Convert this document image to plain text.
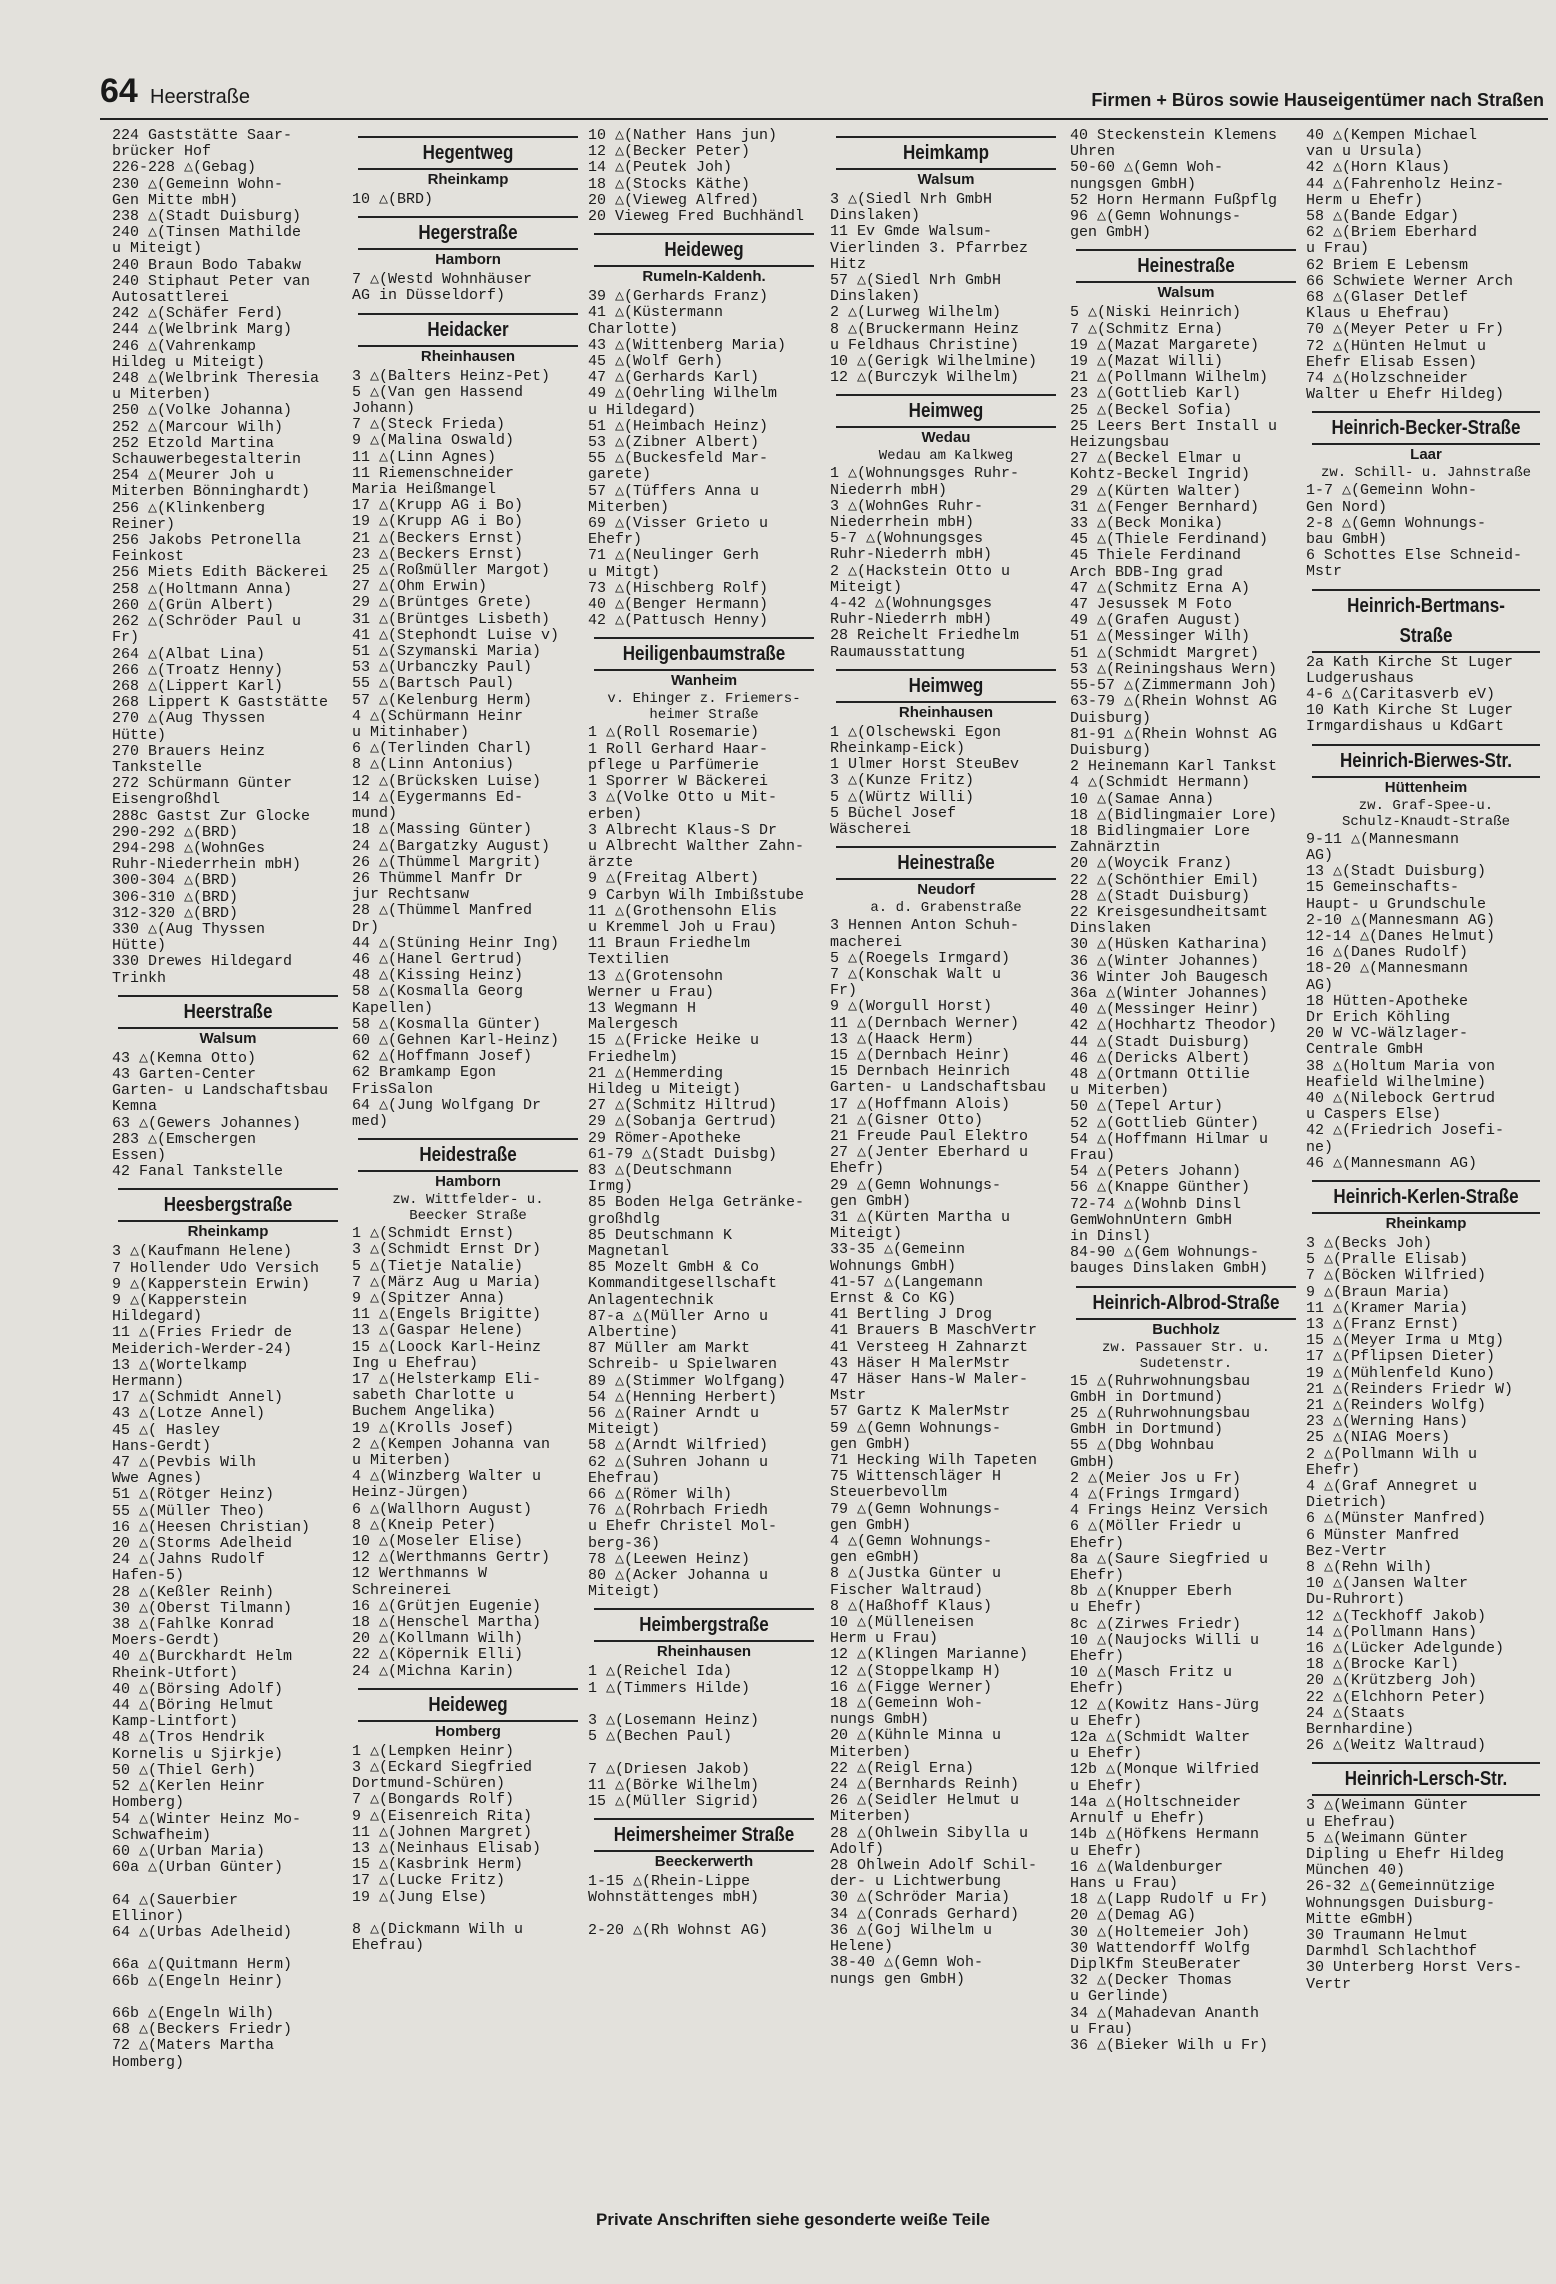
64 Heerstraße	Firmen + Büros sowie Hauseigentümer nach Straßen
224 Gaststätte Saar-
brücker Hof
226-228 △(Gebag)
230 △(Gemeinn Wohn-
Gen Mitte mbH)
238 △(Stadt Duisburg)
240 △(Tinsen Mathilde
u Miteigt)
240 Braun Bodo Tabakw
240 Stiphaut Peter van
Autosattlerei
242 △(Schäfer Ferd)
244 △(Welbrink Marg)
246 △(Vahrenkamp
Hildeg u Miteigt)
248 △(Welbrink Theresia
u Miterben)
250 △(Volke Johanna)
252 △(Marcour Wilh)
252 Etzold Martina
Schauwerbegestalterin
254 △(Meurer Joh u
Miterben Bönninghardt)
256 △(Klinkenberg
Reiner)
256 Jakobs Petronella
Feinkost
256 Miets Edith Bäckerei
258 △(Holtmann Anna)
260 △(Grün Albert)
262 △(Schröder Paul u
Fr)
264 △(Albat Lina)
266 △(Troatz Henny)
268 △(Lippert Karl)
268 Lippert K Gaststätte
270 △(Aug Thyssen
Hütte)
270 Brauers Heinz
Tankstelle
272 Schürmann Günter
Eisengroßhdl
288c Gastst Zur Glocke
290-292 △(BRD)
294-298 △(WohnGes
Ruhr-Niederrhein mbH)
300-304 △(BRD)
306-310 △(BRD)
312-320 △(BRD)
330 △(Aug Thyssen
Hütte)
330 Drewes Hildegard
Trinkh
Heerstraße
Walsum
43 △(Kemna Otto)
43 Garten-Center
Garten- u Landschaftsbau
Kemna
63 △(Gewers Johannes)
283 △(Emschergen
Essen)
42 Fanal Tankstelle
Heesbergstraße
Rheinkamp
3 △(Kaufmann Helene)
7 Hollender Udo Versich
9 △(Kapperstein Erwin)
9 △(Kapperstein
Hildegard)
11 △(Fries Friedr de
Meiderich-Werder-24)
13 △(Wortelkamp
Hermann)
17 △(Schmidt Annel)
43 △(Lotze Annel)
45 △( Hasley
Hans-Gerdt)
47 △(Pevbis Wilh
Wwe Agnes)
51 △(Rötger Heinz)
55 △(Müller Theo)
16 △(Heesen Christian)
20 △(Storms Adelheid
24 △(Jahns Rudolf
Hafen-5)
28 △(Keßler Reinh)
30 △(Oberst Tilmann)
38 △(Fahlke Konrad
Moers-Gerdt)
40 △(Burckhardt Helm
Rheink-Utfort)
40 △(Börsing Adolf)
44 △(Böring Helmut
Kamp-Lintfort)
48 △(Tros Hendrik
Kornelis u Sjirkje)
50 △(Thiel Gerh)
52 △(Kerlen Heinr
Homberg)
54 △(Winter Heinz Mo-
Schwafheim)
60 △(Urban Maria)
60a △(Urban Günter)

64 △(Sauerbier
Ellinor)
64 △(Urbas Adelheid)

66a △(Quitmann Herm)
66b △(Engeln Heinr)

66b △(Engeln Wilh)
68 △(Beckers Friedr)
72 △(Maters Martha
Homberg)
Hegentweg
Rheinkamp
10 △(BRD)
Hegerstraße
Hamborn
7 △(Westd Wohnhäuser
AG in Düsseldorf)
Heidacker
Rheinhausen
3 △(Balters Heinz-Pet)
5 △(Van gen Hassend
Johann)
7 △(Steck Frieda)
9 △(Malina Oswald)
11 △(Linn Agnes)
11 Riemenschneider
Maria Heißmangel
17 △(Krupp AG i Bo)
19 △(Krupp AG i Bo)
21 △(Beckers Ernst)
23 △(Beckers Ernst)
25 △(Roßmüller Margot)
27 △(Ohm Erwin)
29 △(Brüntges Grete)
31 △(Brüntges Lisbeth)
41 △(Stephondt Luise v)
51 △(Szymanski Maria)
53 △(Urbanczky Paul)
55 △(Bartsch Paul)
57 △(Kelenburg Herm)
4 △(Schürmann Heinr
u Mitinhaber)
6 △(Terlinden Charl)
8 △(Linn Antonius)
12 △(Brücksken Luise)
14 △(Eygermanns Ed-
mund)
18 △(Massing Günter)
24 △(Bargatzky August)
26 △(Thümmel Margrit)
26 Thümmel Manfr Dr
jur Rechtsanw
28 △(Thümmel Manfred
Dr)
44 △(Stüning Heinr Ing)
46 △(Hanel Gertrud)
48 △(Kissing Heinz)
58 △(Kosmalla Georg
Kapellen)
58 △(Kosmalla Günter)
60 △(Gehnen Karl-Heinz)
62 △(Hoffmann Josef)
62 Bramkamp Egon
FrisSalon
64 △(Jung Wolfgang Dr
med)
Heidestraße
Hamborn
zw. Wittfelder- u.
Beecker Straße
1 △(Schmidt Ernst)
3 △(Schmidt Ernst Dr)
5 △(Tietje Natalie)
7 △(März Aug u Maria)
9 △(Spitzer Anna)
11 △(Engels Brigitte)
13 △(Gaspar Helene)
15 △(Loock Karl-Heinz
Ing u Ehefrau)
17 △(Helsterkamp Eli-
sabeth Charlotte u
Buchem Angelika)
19 △(Krolls Josef)
2 △(Kempen Johanna van
u Miterben)
4 △(Winzberg Walter u
Heinz-Jürgen)
6 △(Wallhorn August)
8 △(Kneip Peter)
10 △(Moseler Elise)
12 △(Werthmanns Gertr)
12 Werthmanns W
Schreinerei
16 △(Grütjen Eugenie)
18 △(Henschel Martha)
20 △(Kollmann Wilh)
22 △(Köpernik Elli)
24 △(Michna Karin)
Heideweg
Homberg
1 △(Lempken Heinr)
3 △(Eckard Siegfried
Dortmund-Schüren)
7 △(Bongards Rolf)
9 △(Eisenreich Rita)
11 △(Johnen Margret)
13 △(Neinhaus Elisab)
15 △(Kasbrink Herm)
17 △(Lucke Fritz)
19 △(Jung Else)

8 △(Dickmann Wilh u
Ehefrau)
10 △(Nather Hans jun)
12 △(Becker Peter)
14 △(Peutek Joh)
18 △(Stocks Käthe)
20 △(Vieweg Alfred)
20 Vieweg Fred Buchhändl
Heideweg
Rumeln-Kaldenh.
39 △(Gerhards Franz)
41 △(Küstermann
Charlotte)
43 △(Wittenberg Maria)
45 △(Wolf Gerh)
47 △(Gerhards Karl)
49 △(Oehrling Wilhelm
u Hildegard)
51 △(Heimbach Heinz)
53 △(Zibner Albert)
55 △(Buckesfeld Mar-
garete)
57 △(Tüffers Anna u
Miterben)
69 △(Visser Grieto u
Ehefr)
71 △(Neulinger Gerh
u Mitgt)
73 △(Hischberg Rolf)
40 △(Benger Hermann)
42 △(Pattusch Henny)
Heiligenbaumstraße
Wanheim
v. Ehinger z. Friemers-
heimer Straße
1 △(Roll Rosemarie)
1 Roll Gerhard Haar-
pflege u Parfümerie
1 Sporrer W Bäckerei
3 △(Volke Otto u Mit-
erben)
3 Albrecht Klaus-S Dr
u Albrecht Walther Zahn-
ärzte
9 △(Freitag Albert)
9 Carbyn Wilh Imbißstube
11 △(Grothensohn Elis
u Kremmel Joh u Frau)
11 Braun Friedhelm
Textilien
13 △(Grotensohn
Werner u Frau)
13 Wegmann H
Malergesch
15 △(Fricke Heike u
Friedhelm)
21 △(Hemmerding
Hildeg u Miteigt)
27 △(Schmitz Hiltrud)
29 △(Sobanja Gertrud)
29 Römer-Apotheke
61-79 △(Stadt Duisbg)
83 △(Deutschmann
Irmg)
85 Boden Helga Getränke-
großhdlg
85 Deutschmann K
Magnetanl
85 Mozelt GmbH & Co
Kommanditgesellschaft
Anlagentechnik
87-a △(Müller Arno u
Albertine)
87 Müller am Markt
Schreib- u Spielwaren
89 △(Stimmer Wolfgang)
54 △(Henning Herbert)
56 △(Rainer Arndt u
Miteigt)
58 △(Arndt Wilfried)
62 △(Suhren Johann u
Ehefrau)
66 △(Römer Wilh)
76 △(Rohrbach Friedh
u Ehefr Christel Mol-
berg-36)
78 △(Leewen Heinz)
80 △(Acker Johanna u
Miteigt)
Heimbergstraße
Rheinhausen
1 △(Reichel Ida)
1 △(Timmers Hilde)

3 △(Losemann Heinz)
5 △(Bechen Paul)

7 △(Driesen Jakob)
11 △(Börke Wilhelm)
15 △(Müller Sigrid)
Heimersheimer Straße
Beeckerwerth
1-15 △(Rhein-Lippe
Wohnstättenges mbH)

2-20 △(Rh Wohnst AG)
Heimkamp
Walsum
3 △(Siedl Nrh GmbH
Dinslaken)
11 Ev Gmde Walsum-
Vierlinden 3. Pfarrbez
Hitz
57 △(Siedl Nrh GmbH
Dinslaken)
2 △(Lurweg Wilhelm)
8 △(Bruckermann Heinz
u Feldhaus Christine)
10 △(Gerigk Wilhelmine)
12 △(Burczyk Wilhelm)
Heimweg
Wedau
Wedau am Kalkweg
1 △(Wohnungsges Ruhr-
Niederrh mbH)
3 △(WohnGes Ruhr-
Niederrhein mbH)
5-7 △(Wohnungsges
Ruhr-Niederrh mbH)
2 △(Hackstein Otto u
Miteigt)
4-42 △(Wohnungsges
Ruhr-Niederrh mbH)
28 Reichelt Friedhelm
Raumausstattung
Heimweg
Rheinhausen
1 △(Olschewski Egon
Rheinkamp-Eick)
1 Ulmer Horst SteuBev
3 △(Kunze Fritz)
5 △(Würtz Willi)
5 Büchel Josef
Wäscherei
Heinestraße
Neudorf
a. d. Grabenstraße
3 Hennen Anton Schuh-
macherei
5 △(Roegels Irmgard)
7 △(Konschak Walt u
Fr)
9 △(Worgull Horst)
11 △(Dernbach Werner)
13 △(Haack Herm)
15 △(Dernbach Heinr)
15 Dernbach Heinrich
Garten- u Landschaftsbau
17 △(Hoffmann Alois)
21 △(Gisner Otto)
21 Freude Paul Elektro
27 △(Jenter Eberhard u
Ehefr)
29 △(Gemn Wohnungs-
gen GmbH)
31 △(Kürten Martha u
Miteigt)
33-35 △(Gemeinn
Wohnungs GmbH)
41-57 △(Langemann
Ernst & Co KG)
41 Bertling J Drog
41 Brauers B MaschVertr
41 Versteeg H Zahnarzt
43 Häser H MalerMstr
47 Häser Hans-W Maler-
Mstr
57 Gartz K MalerMstr
59 △(Gemn Wohnungs-
gen GmbH)
71 Hecking Wilh Tapeten
75 Wittenschläger H
Steuerbevollm
79 △(Gemn Wohnungs-
gen GmbH)
4 △(Gemn Wohnungs-
gen eGmbH)
8 △(Justka Günter u
Fischer Waltraud)
8 △(Haßhoff Klaus)
10 △(Mülleneisen
Herm u Frau)
12 △(Klingen Marianne)
12 △(Stoppelkamp H)
16 △(Figge Werner)
18 △(Gemeinn Woh-
nungs GmbH)
20 △(Kühnle Minna u
Miterben)
22 △(Reigl Erna)
24 △(Bernhards Reinh)
26 △(Seidler Helmut u
Miterben)
28 △(Ohlwein Sibylla u
Adolf)
28 Ohlwein Adolf Schil-
der- u Lichtwerbung
30 △(Schröder Maria)
34 △(Conrads Gerhard)
36 △(Goj Wilhelm u
Helene)
38-40 △(Gemn Woh-
nungs gen GmbH)
40 Steckenstein Klemens
Uhren
50-60 △(Gemn Woh-
nungsgen GmbH)
52 Horn Hermann Fußpflg
96 △(Gemn Wohnungs-
gen GmbH)
Heinestraße
Walsum
5 △(Niski Heinrich)
7 △(Schmitz Erna)
19 △(Mazat Margarete)
19 △(Mazat Willi)
21 △(Pollmann Wilhelm)
23 △(Gottlieb Karl)
25 △(Beckel Sofia)
25 Leers Bert Install u
Heizungsbau
27 △(Beckel Elmar u
Kohtz-Beckel Ingrid)
29 △(Kürten Walter)
31 △(Fenger Bernhard)
33 △(Beck Monika)
45 △(Thiele Ferdinand)
45 Thiele Ferdinand
Arch BDB-Ing grad
47 △(Schmitz Erna A)
47 Jesussek M Foto
49 △(Grafen August)
51 △(Messinger Wilh)
51 △(Schmidt Margret)
53 △(Reiningshaus Wern)
55-57 △(Zimmermann Joh)
63-79 △(Rhein Wohnst AG
Duisburg)
81-91 △(Rhein Wohnst AG
Duisburg)
2 Heinemann Karl Tankst
4 △(Schmidt Hermann)
10 △(Samae Anna)
18 △(Bidlingmaier Lore)
18 Bidlingmaier Lore
Zahnärztin
20 △(Woycik Franz)
22 △(Schönthier Emil)
28 △(Stadt Duisburg)
22 Kreisgesundheitsamt
Dinslaken
30 △(Hüsken Katharina)
36 △(Winter Johannes)
36 Winter Joh Baugesch
36a △(Winter Johannes)
40 △(Messinger Heinr)
42 △(Hochhartz Theodor)
44 △(Stadt Duisburg)
46 △(Dericks Albert)
48 △(Ortmann Ottilie
u Miterben)
50 △(Tepel Artur)
52 △(Gottlieb Günter)
54 △(Hoffmann Hilmar u
Frau)
54 △(Peters Johann)
56 △(Knappe Günther)
72-74 △(Wohnb Dinsl
GemWohnUntern GmbH
in Dinsl)
84-90 △(Gem Wohnungs-
bauges Dinslaken GmbH)
Heinrich-Albrod-Straße
Buchholz
zw. Passauer Str. u.
Sudetenstr.
15 △(Ruhrwohnungsbau
GmbH in Dortmund)
25 △(Ruhrwohnungsbau
GmbH in Dortmund)
55 △(Dbg Wohnbau
GmbH)
2 △(Meier Jos u Fr)
4 △(Frings Irmgard)
4 Frings Heinz Versich
6 △(Möller Friedr u
Ehefr)
8a △(Saure Siegfried u
Ehefr)
8b △(Knupper Eberh
u Ehefr)
8c △(Zirwes Friedr)
10 △(Naujocks Willi u
Ehefr)
10 △(Masch Fritz u
Ehefr)
12 △(Kowitz Hans-Jürg
u Ehefr)
12a △(Schmidt Walter
u Ehefr)
12b △(Monque Wilfried
u Ehefr)
14a △(Holtschneider
Arnulf u Ehefr)
14b △(Höfkens Hermann
u Ehefr)
16 △(Waldenburger
Hans u Frau)
18 △(Lapp Rudolf u Fr)
20 △(Demag AG)
30 △(Holtemeier Joh)
30 Wattendorff Wolfg
DiplKfm SteuBerater
32 △(Decker Thomas
u Gerlinde)
34 △(Mahadevan Ananth
u Frau)
36 △(Bieker Wilh u Fr)
40 △(Kempen Michael
van u Ursula)
42 △(Horn Klaus)
44 △(Fahrenholz Heinz-
Herm u Ehefr)
58 △(Bande Edgar)
62 △(Briem Eberhard
u Frau)
62 Briem E Lebensm
66 Schwiete Werner Arch
68 △(Glaser Detlef
Klaus u Ehefrau)
70 △(Meyer Peter u Fr)
72 △(Hünten Helmut u
Ehefr Elisab Essen)
74 △(Holzschneider
Walter u Ehefr Hildeg)
Heinrich-Becker-Straße
Laar
zw. Schill- u. Jahnstraße
1-7 △(Gemeinn Wohn-
Gen Nord)
2-8 △(Gemn Wohnungs-
bau GmbH)
6 Schottes Else Schneid-
Mstr
Heinrich-Bertmans-Straße
2a Kath Kirche St Luger
Ludgerushaus
4-6 △(Caritasverb eV)
10 Kath Kirche St Luger
Irmgardishaus u KdGart
Heinrich-Bierwes-Str.
Hüttenheim
zw. Graf-Spee-u.
Schulz-Knaudt-Straße
9-11 △(Mannesmann
AG)
13 △(Stadt Duisburg)
15 Gemeinschafts-
Haupt- u Grundschule
2-10 △(Mannesmann AG)
12-14 △(Danes Helmut)
16 △(Danes Rudolf)
18-20 △(Mannesmann
AG)
18 Hütten-Apotheke
Dr Erich Köhling
20 W VC-Wälzlager-
Centrale GmbH
38 △(Holtum Maria von
Heafield Wilhelmine)
40 △(Nilebock Gertrud
u Caspers Else)
42 △(Friedrich Josefi-
ne)
46 △(Mannesmann AG)
Heinrich-Kerlen-Straße
Rheinkamp
3 △(Becks Joh)
5 △(Pralle Elisab)
7 △(Böcken Wilfried)
9 △(Braun Maria)
11 △(Kramer Maria)
13 △(Franz Ernst)
15 △(Meyer Irma u Mtg)
17 △(Pflipsen Dieter)
19 △(Mühlenfeld Kuno)
21 △(Reinders Friedr W)
21 △(Reinders Wolfg)
23 △(Werning Hans)
25 △(NIAG Moers)
2 △(Pollmann Wilh u
Ehefr)
4 △(Graf Annegret u
Dietrich)
6 △(Münster Manfred)
6 Münster Manfred
Bez-Vertr
8 △(Rehn Wilh)
10 △(Jansen Walter
Du-Ruhrort)
12 △(Teckhoff Jakob)
14 △(Pollmann Hans)
16 △(Lücker Adelgunde)
18 △(Brocke Karl)
20 △(Krützberg Joh)
22 △(Elchhorn Peter)
24 △(Staats
Bernhardine)
26 △(Weitz Waltraud)
Heinrich-Lersch-Str.
3 △(Weimann Günter
u Ehefrau)
5 △(Weimann Günter
Dipling u Ehefr Hildeg
München 40)
26-32 △(Gemeinnützige
Wohnungsgen Duisburg-
Mitte eGmbH)
30 Traumann Helmut
Darmhdl Schlachthof
30 Unterberg Horst Vers-
Vertr
Private Anschriften siehe gesonderte weiße Teile
